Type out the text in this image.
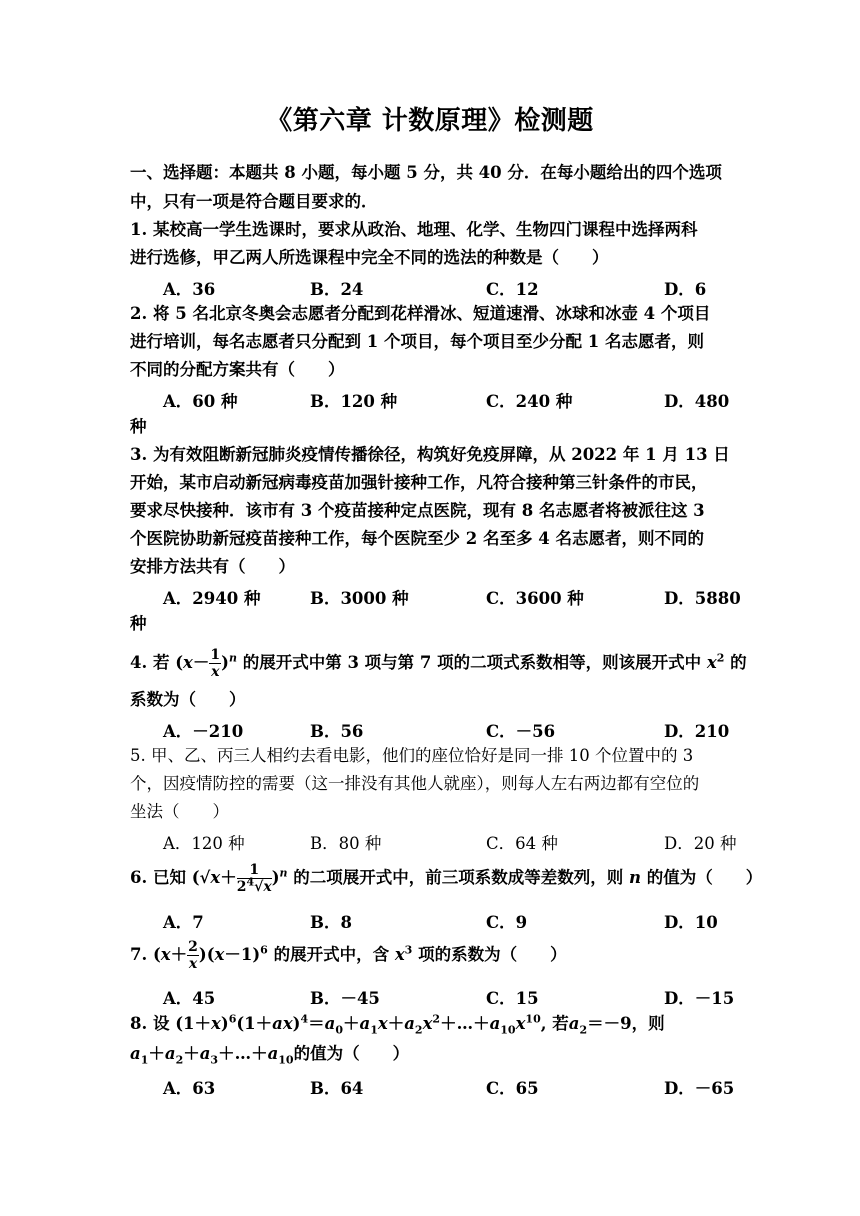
《第六章 计数原理》检测题
一、选择题：本题共 8 小题，每小题 5 分，共 40 分．在每小题给出的四个选项
中，只有一项是符合题目要求的．
1. 某校高一学生选课时，要求从政治、地理、化学、生物四门课程中选择两科
进行选修，甲乙两人所选课程中完全不同的选法的种数是（　　）
A．36	B．24	C．12	D．6
2. 将 5 名北京冬奥会志愿者分配到花样滑冰、短道速滑、冰球和冰壶 4 个项目
进行培训，每名志愿者只分配到 1 个项目，每个项目至少分配 1 名志愿者，则
不同的分配方案共有（　　）
A．60 种	B．120 种	C．240 种	D．480
种
3. 为有效阻断新冠肺炎疫情传播徐径，构筑好免疫屏障，从 2022 年 1 月 13 日
开始，某市启动新冠病毒疫苗加强针接种工作，凡符合接种第三针条件的市民，
要求尽快接种．该市有 3 个疫苗接种定点医院，现有 8 名志愿者将被派往这 3
个医院协助新冠疫苗接种工作，每个医院至少 2 名至多 4 名志愿者，则不同的
安排方法共有（　　）
A．2940 种	B．3000 种	C．3600 种	D．5880
种
4. 若 $(x- \frac{1}{x} )^n$ 的展开式中第 3 项与第 7 项的二项式系数相等，则该展开式中 $x^2$ 的
系数为（　　）
A．－210	B．56	C．－56	D．210
5. 甲、乙、丙三人相约去看电影，他们的座位恰好是同一排 10 个位置中的 3
个，因疫情防控的需要（这一排没有其他人就座），则每人左右两边都有空位的
坐法（　　）
A．120 种	B．80 种	C．64 种	D．20 种
6. 已知 $(√x+ \frac{1}{2^4√x} )^n$ 的二项展开式中，前三项系数成等差数列，则 n 的值为（　　）
A．7	B．8	C．9	D．10
7. $(x+ \frac{2}{x} )(x-1)^6$ 的展开式中，含 $x^3$ 项的系数为（　　）
A．45	B．－45	C．15	D．－15
8. 设 $(1+x)^6(1+ax)^4=a_0+a_1x+a_2x^2+\dots+a_{10}x^{10}$, 若$a_2=-9$，则
$a_1+a_2+a_3+\dots+a_{10}$的值为（　　）
A．63	B．64	C．65	D．－65
